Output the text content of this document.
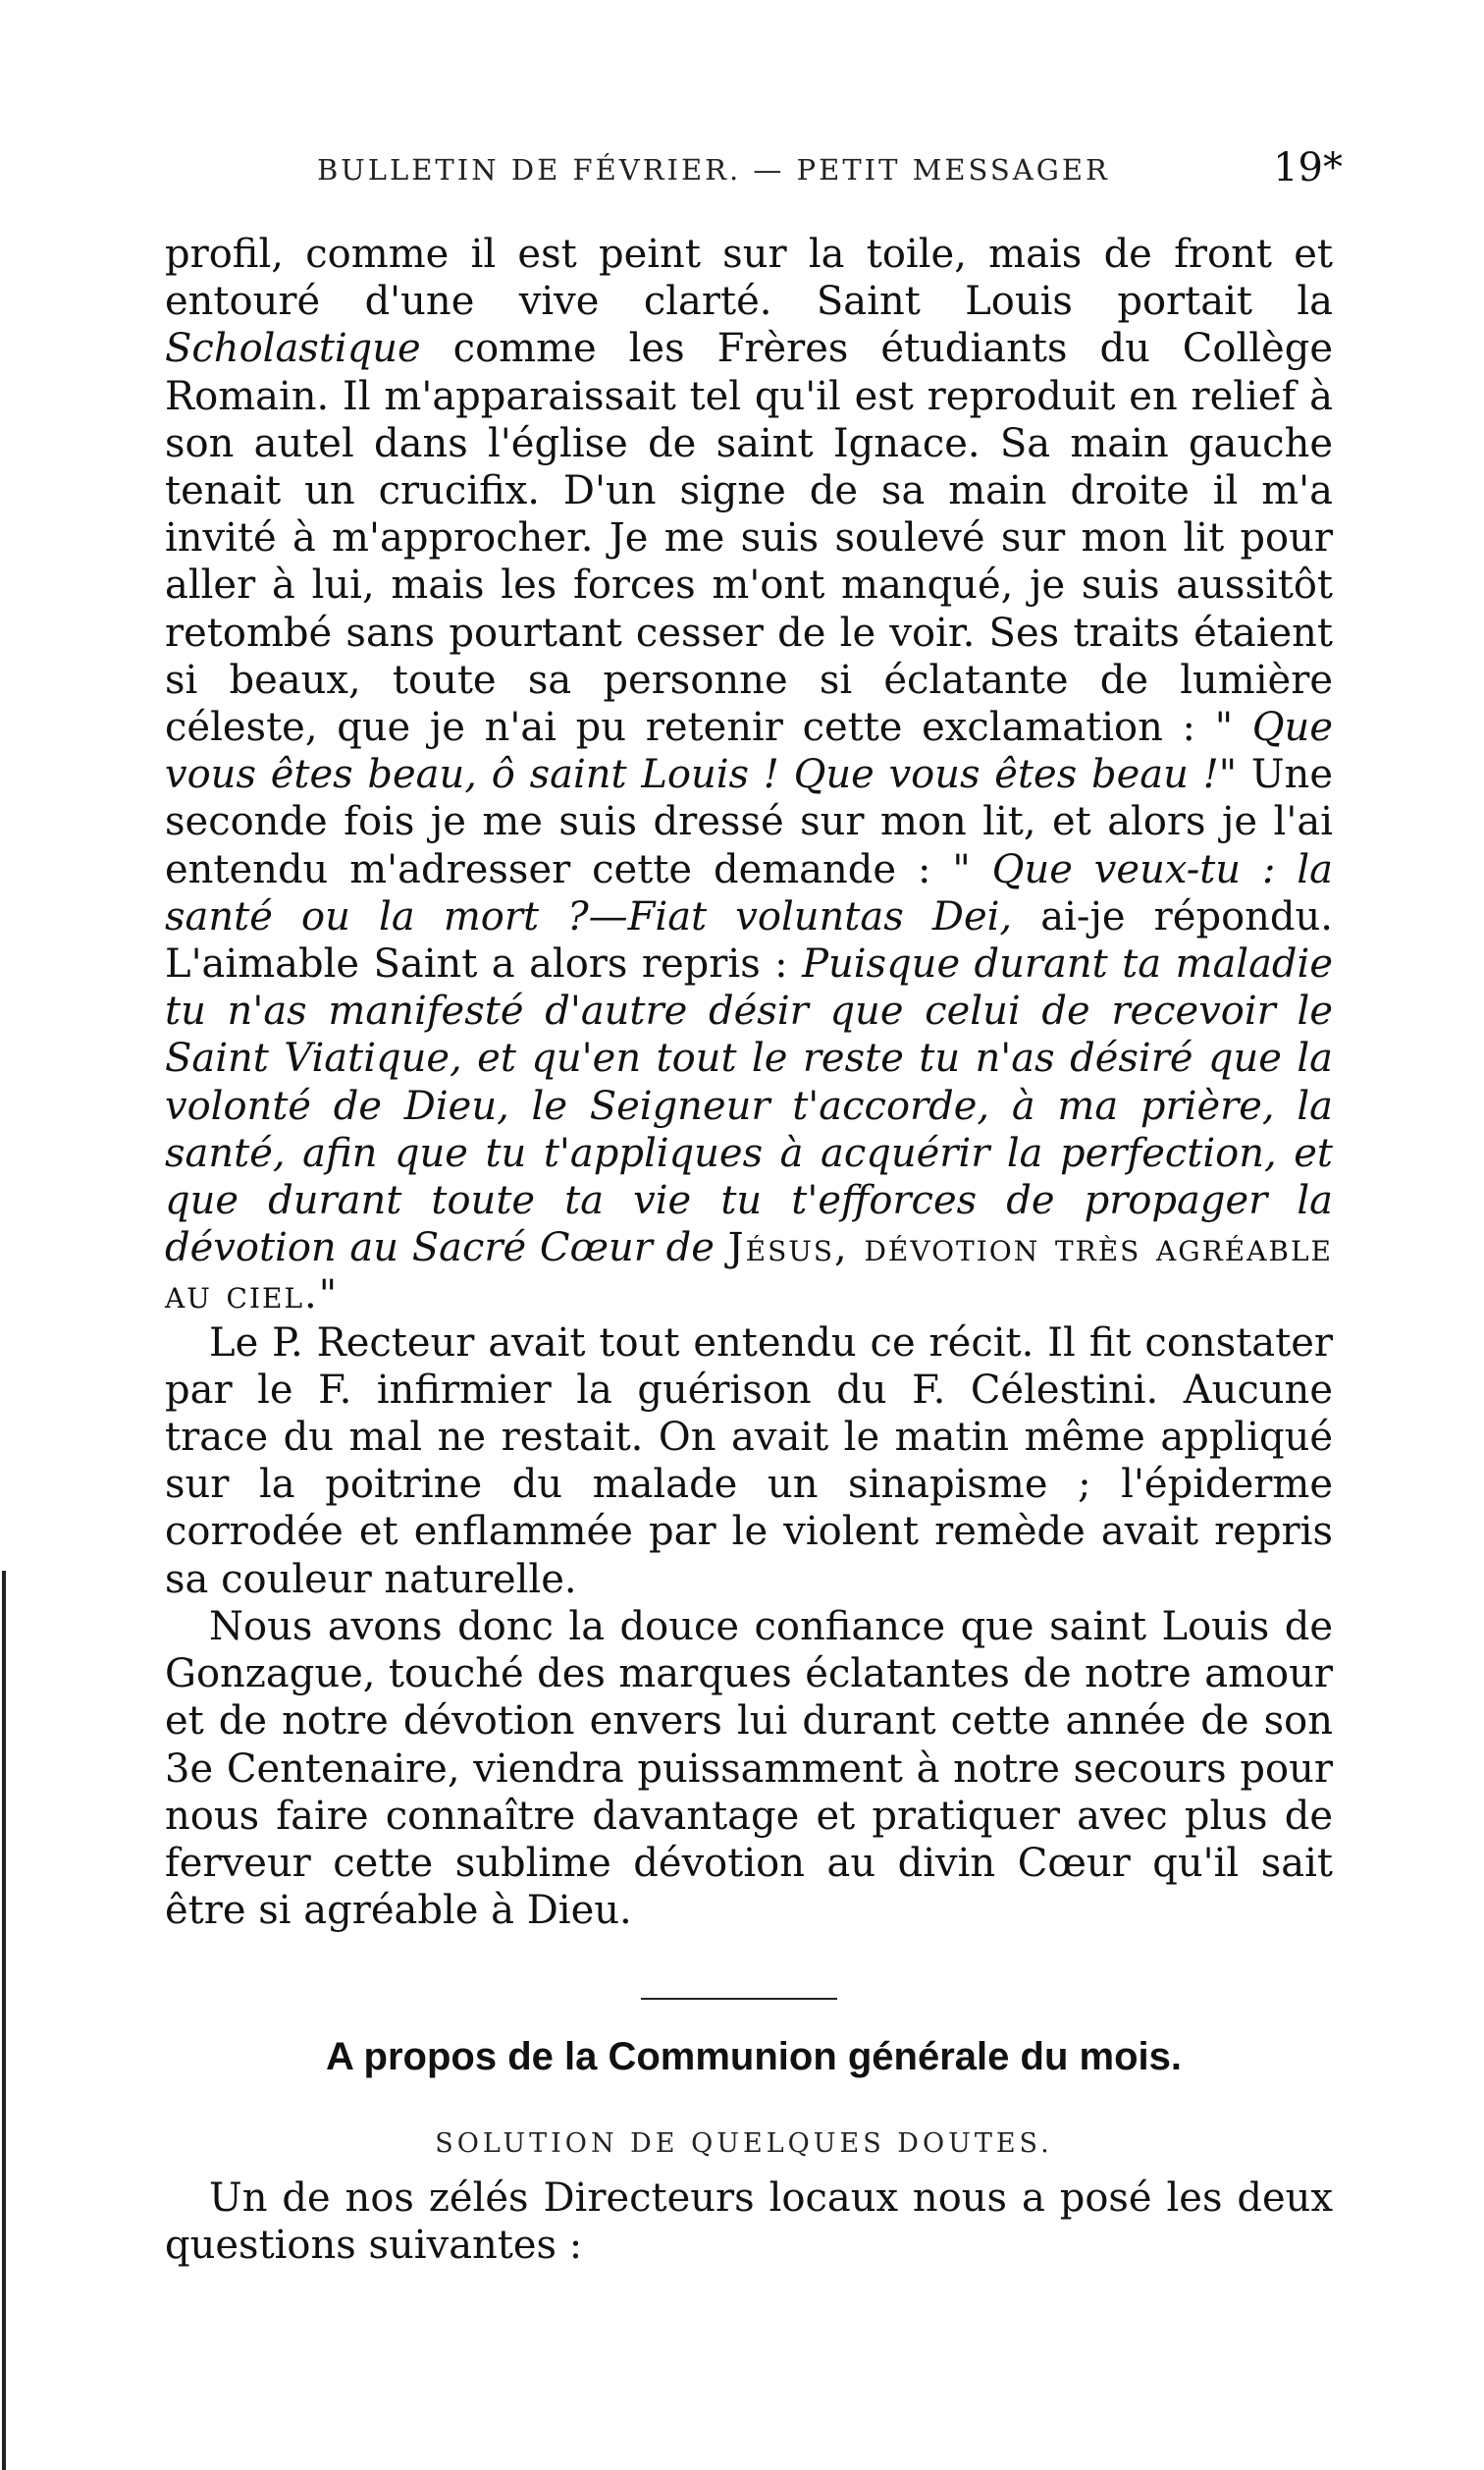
BULLETIN DE FÉVRIER. — PETIT MESSAGER	19*

profil, comme il est peint sur la toile, mais de front et entouré d'une vive clarté. Saint Louis portait la Scholastique comme les Frères étudiants du Collège Romain. Il m'apparaissait tel qu'il est reproduit en relief à son autel dans l'église de saint Ignace. Sa main gauche tenait un crucifix. D'un signe de sa main droite il m'a invité à m'approcher. Je me suis soulevé sur mon lit pour aller à lui, mais les forces m'ont manqué, je suis aussitôt retombé sans pourtant cesser de le voir. Ses traits étaient si beaux, toute sa personne si éclatante de lumière céleste, que je n'ai pu retenir cette exclamation : " Que vous êtes beau, ô saint Louis ! Que vous êtes beau !" Une seconde fois je me suis dressé sur mon lit, et alors je l'ai entendu m'adresser cette demande : " Que veux-tu : la santé ou la mort ?—Fiat voluntas Dei, ai-je répondu. L'aimable Saint a alors repris : Puisque durant ta maladie tu n'as manifesté d'autre désir que celui de recevoir le Saint Viatique, et qu'en tout le reste tu n'as désiré que la volonté de Dieu, le Seigneur t'accorde, à ma prière, la santé, afin que tu t'appliques à acquérir la perfection, et que durant toute ta vie tu t'efforces de propager la dévotion au Sacré Cœur de Jésus, dévotion très agréable au ciel."

Le P. Recteur avait tout entendu ce récit. Il fit constater par le F. infirmier la guérison du F. Célestini. Aucune trace du mal ne restait. On avait le matin même appliqué sur la poitrine du malade un sinapisme ; l'épiderme corrodée et enflammée par le violent remède avait repris sa couleur naturelle.

Nous avons donc la douce confiance que saint Louis de Gonzague, touché des marques éclatantes de notre amour et de notre dévotion envers lui durant cette année de son 3e Centenaire, viendra puissamment à notre secours pour nous faire connaître davantage et pratiquer avec plus de ferveur cette sublime dévotion au divin Cœur qu'il sait être si agréable à Dieu.

A propos de la Communion générale du mois.
SOLUTION DE QUELQUES DOUTES.
Un de nos zélés Directeurs locaux nous a posé les deux questions suivantes :
